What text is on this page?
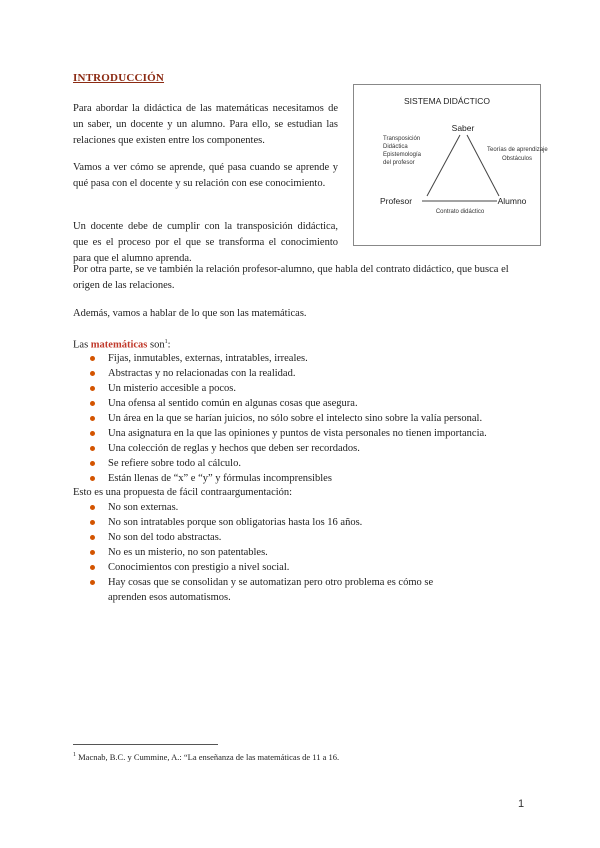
INTRODUCCIÓN
Para abordar la didáctica de las matemáticas necesitamos de un saber, un docente y un alumno. Para ello, se estudian las relaciones que existen entre los componentes.
Vamos a ver cómo se aprende, qué pasa cuando se aprende y qué pasa con el docente y su relación con ese conocimiento.
Un docente debe de cumplir con la transposición didáctica, que es el proceso por el que se transforma el conocimiento para que el alumno aprenda.
Por otra parte, se ve también la relación profesor-alumno, que habla del contrato didáctico, que busca el origen de las relaciones.
Además, vamos a hablar de lo que son las matemáticas.
SISTEMA DIDÁCTICO
Saber
Profesor	Alumno
Transposición
Didáctica
Epistemología
del profesor
Teorías de aprendizaje
Obstáculos
Contrato didáctico
Las matemáticas son$^1$:
Fijas, inmutables, externas, intratables, irreales.
Abstractas y no relacionadas con la realidad.
Un misterio accesible a pocos.
Una ofensa al sentido común en algunas cosas que asegura.
Un área en la que se harían juicios, no sólo sobre el intelecto sino sobre la valía personal.
Una asignatura en la que las opiniones y puntos de vista personales no tienen importancia.
Una colección de reglas y hechos que deben ser recordados.
Se refiere sobre todo al cálculo.
Están llenas de “x” e “y” y fórmulas incomprensibles
Esto es una propuesta de fácil contraargumentación:
No son externas.
No son intratables porque son obligatorias hasta los 16 años.
No son del todo abstractas.
No es un misterio, no son patentables.
Conocimientos con prestigio a nivel social.
Hay cosas que se consolidan y se automatizan pero otro problema es cómo se aprenden esos automatismos.
$^1$ Macnab, B.C. y Cummine, A.: “La enseñanza de las matemáticas de 11 a 16.
1
